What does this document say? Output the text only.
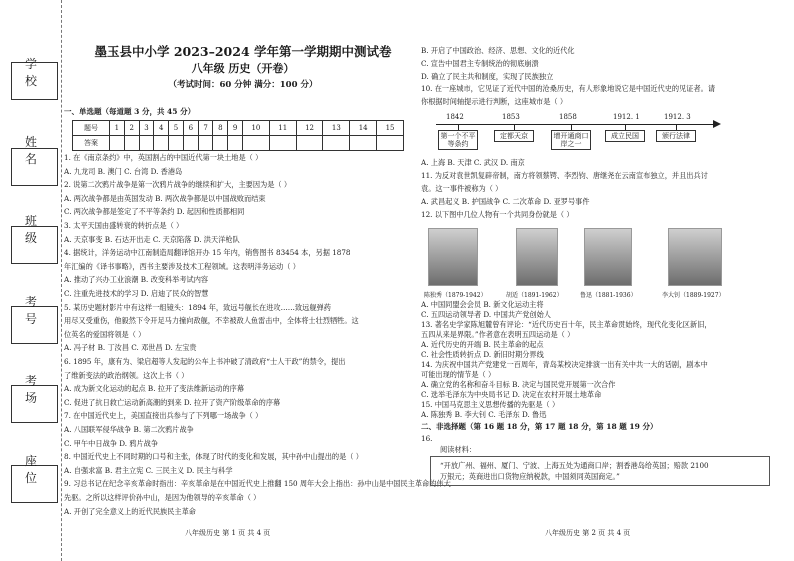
学 校
姓 名
班 级
考 号
考 场
座 位
墨玉县中小学 2023–2024 学年第一学期期中测试卷
八年级 历史（开卷）
（考试时间：60 分钟 满分：100 分）
一、单选题（每道题 3 分，共 45 分）
题号	1	2	3	4	5	6	7	8	9	10	11	12	13	14	15
答案															
1. 在《南京条约》中，英国割占的中国近代第一块土地是（ ）
A. 九龙司 B. 澳门 C. 台湾 D. 香港岛
2. 说第二次鸦片战争是第一次鸦片战争的继续和扩大，主要因为是（ ）
A. 两次战争都是由英国发动 B. 两次战争都是以中国战败而结束
C. 两次战争都是签定了不平等条约 D. 起因和性质都相同
3. 太平天国由盛转衰的转折点是（ ）
A. 天京事变 B. 石达开出走 C. 天京陷落 D. 洪天洋枪队
4. 据统计，洋务运动中江南制造局翻译馆开办 15 年内，销售图书 83454 本，另据 1878
年汇编的《译书事略》，西书主要涉及技术工程领域。这表明洋务运动（ ）
A. 推动了兴办工业浪潮 B. 改变科举考试内容
C. 注重先进技术的学习 D. 启迪了民众的智慧
5. 某历史题材影片中有这样一组镜头：1894 年，致远号舰长在进攻……致远舰弹药
用尽又受重伤，他毅然下令开足马力撞向敌舰，不幸被敌人鱼雷击中，全体将士壮烈牺牲。这
位英名的爱国将领是（ ）
A. 冯子材 B. 丁汝昌 C. 邓世昌 D. 左宝贵
6. 1895 年，康有为、梁启超等人发起的公车上书冲破了清政府“士人干政”的禁令，提出
了维新变法的政治纲领。这次上书（ ）
A. 成为新文化运动的起点 B. 拉开了变法维新运动的序幕
C. 促进了抗日救亡运动新高潮的到来 D. 拉开了资产阶级革命的序幕
7. 在中国近代史上，美国直接出兵参与了下列哪一场战争（ ）
A. 八国联军侵华战争 B. 第二次鸦片战争
C. 甲午中日战争 D. 鸦片战争
8. 中国近代史上不同时期的口号和主张，体现了时代的变化和发展，其中孙中山提出的是（ ）
A. 自强求富 B. 君主立宪 C. 三民主义 D. 民主与科学
9. 习总书记在纪念辛亥革命时指出：辛亥革命是在中国近代史上推翻 150 周年大会上指出：孙中山是中国民主革命的伟大
先驱。之所以这样评价孙中山，是因为他领导的辛亥革命（ ）
A. 开创了完全意义上的近代民族民主革命
B. 开启了中国政治、经济、思想、文化的近代化
C. 宣告中国君主专制统治的彻底崩溃
D. 确立了民主共和制度，实现了民族独立
10. 在一座城市，它见证了近代中国的沧桑历史，有人形象地说它是中国近代史的见证者。请
你根据时间轴提示进行判断，这座城市是（ ）
1842
第一个不平等条约
1853
定都天京
1858
增开通商口岸之一
1912. 1
成立民国
1912. 3
颁行法律
A. 上海 B. 天津 C. 武汉 D. 南京
11. 为反对袁世凯复辟帝制，南方将领蔡锷、李烈钧、唐继尧在云南宣布独立，并且出兵讨
袁。这一事件被称为（ ）
A. 武昌起义 B. 护国战争 C. 二次革命 D. 亚罗号事件
12. 以下图中几位人物有一个共同身份就是（ ）
陈独秀（1879-1942）	胡适（1891-1962）	鲁迅（1881-1936）	李大钊（1889-1927）
A. 中国同盟会会员 B. 新文化运动主将
C. 五四运动领导者 D. 中国共产党创始人
13. 著名史学家陈旭麓曾有评论：“近代历史百十年，民主革命贯始终，现代化变化区新旧，
五四从来是界限。”作者意在表明五四运动是（ ）
A. 近代历史的开端 B. 民主革命的起点
C. 社会性质转折点 D. 新旧时期分界线
14. 为庆祝中国共产党建党一百周年，青岛某校决定排演一出有关中共一大的话剧，剧本中
可能出现的情节是（ ）
A. 确立党的名称和奋斗目标 B. 决定与国民党开展第一次合作
C. 选举毛泽东为中央局书记 D. 决定在农村开展土地革命
15. 中国马克思主义思想传播的先驱是（ ）
A. 陈独秀 B. 李大钊 C. 毛泽东 D. 鲁迅
二、非选择题（第 16 题 18 分，第 17 题 18 分，第 18 题 19 分）
16.
阅读材料：
“开放广州、福州、厦门、宁波、上海五处为通商口岸；割香港岛给英国；赔款 2100
万银元；英商进出口货物应纳税款，中国须同英国商定。”
八年级历史 第 1 页 共 4 页	八年级历史 第 2 页 共 4 页
